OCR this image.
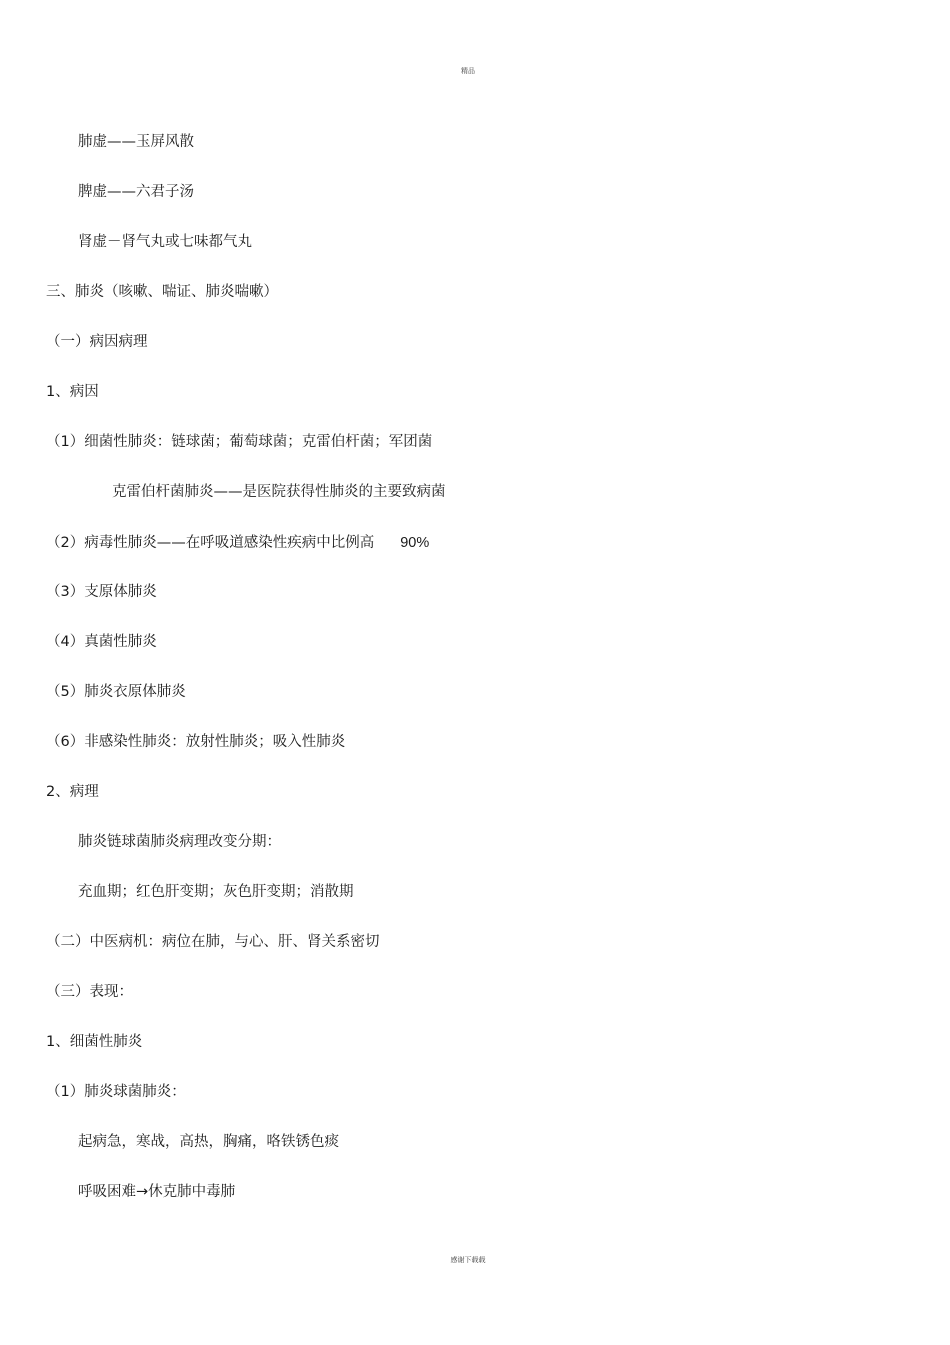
精品
肺虚——玉屏风散
脾虚——六君子汤
肾虚－肾气丸或七味都气丸
三、肺炎（咳嗽、喘证、肺炎喘嗽）
（一）病因病理
1、病因
（1）细菌性肺炎：链球菌；葡萄球菌；克雷伯杆菌；军团菌
克雷伯杆菌肺炎——是医院获得性肺炎的主要致病菌
（2）病毒性肺炎——在呼吸道感染性疾病中比例高 90%
（3）支原体肺炎
（4）真菌性肺炎
（5）肺炎衣原体肺炎
（6）非感染性肺炎：放射性肺炎；吸入性肺炎
2、病理
肺炎链球菌肺炎病理改变分期：
充血期；红色肝变期；灰色肝变期；消散期
（二）中医病机：病位在肺，与心、肝、肾关系密切
（三）表现：
1、细菌性肺炎
（1）肺炎球菌肺炎：
起病急，寒战，高热，胸痛，咯铁锈色痰
呼吸困难→休克肺中毒肺
感谢下载载
